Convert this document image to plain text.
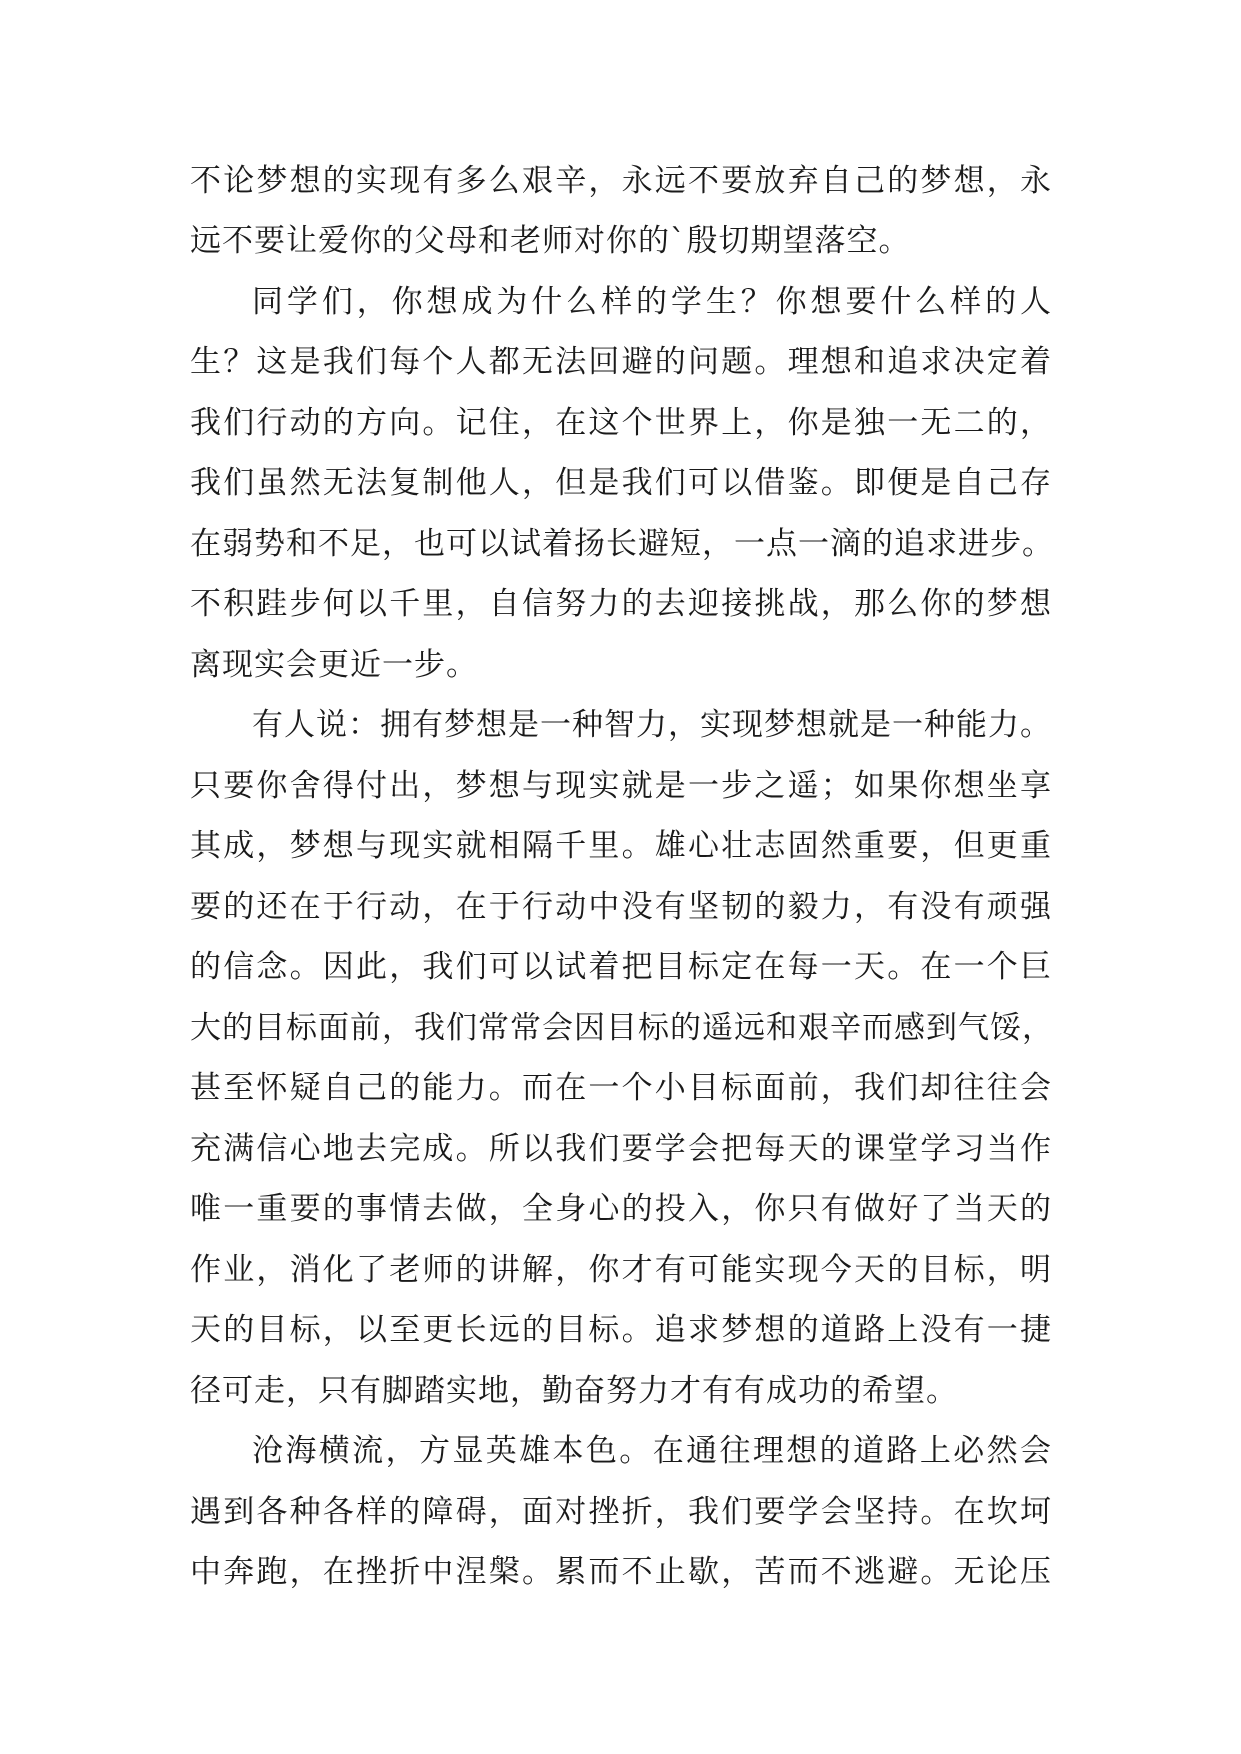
不论梦想的实现有多么艰辛，永远不要放弃自己的梦想，永
远不要让爱你的父母和老师对你的`殷切期望落空。
同学们，你想成为什么样的学生？你想要什么样的人
生？这是我们每个人都无法回避的问题。理想和追求决定着
我们行动的方向。记住，在这个世界上，你是独一无二的，
我们虽然无法复制他人，但是我们可以借鉴。即便是自己存
在弱势和不足，也可以试着扬长避短，一点一滴的追求进步。
不积跬步何以千里，自信努力的去迎接挑战，那么你的梦想
离现实会更近一步。
有人说：拥有梦想是一种智力，实现梦想就是一种能力。
只要你舍得付出，梦想与现实就是一步之遥；如果你想坐享
其成，梦想与现实就相隔千里。雄心壮志固然重要，但更重
要的还在于行动，在于行动中没有坚韧的毅力，有没有顽强
的信念。因此，我们可以试着把目标定在每一天。在一个巨
大的目标面前，我们常常会因目标的遥远和艰辛而感到气馁，
甚至怀疑自己的能力。而在一个小目标面前，我们却往往会
充满信心地去完成。所以我们要学会把每天的课堂学习当作
唯一重要的事情去做，全身心的投入，你只有做好了当天的
作业，消化了老师的讲解，你才有可能实现今天的目标，明
天的目标，以至更长远的目标。追求梦想的道路上没有一捷
径可走，只有脚踏实地，勤奋努力才有有成功的希望。
沧海横流，方显英雄本色。在通往理想的道路上必然会
遇到各种各样的障碍，面对挫折，我们要学会坚持。在坎坷
中奔跑，在挫折中涅槃。累而不止歇，苦而不逃避。无论压
